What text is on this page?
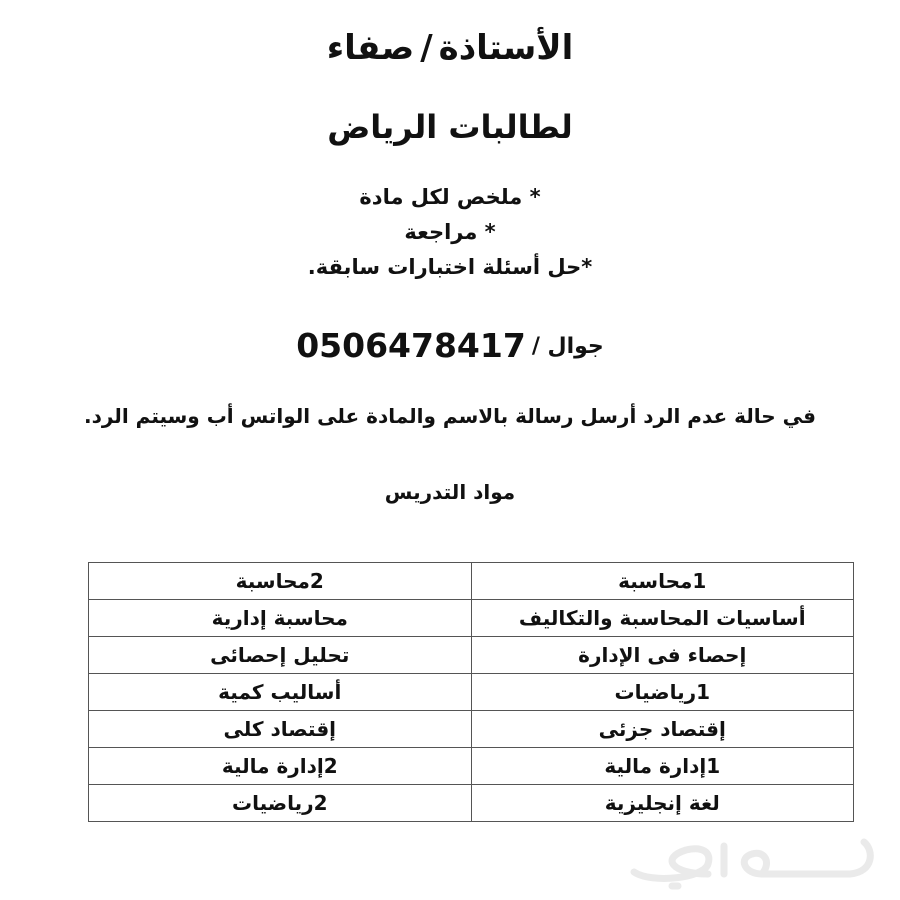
الأستاذة/صفاء
لطالبات الرياض
* ملخص لكل مادة
* مراجعة
*حل أسئلة اختبارات سابقة.
جوال /0506478417
في حالة عدم الرد أرسل رسالة بالاسم والمادة على الواتس أب وسيتم الرد.
مواد التدريس
1محاسبة	2محاسبة
أساسيات المحاسبة والتكاليف	محاسبة إدارية
إحصاء فى الإدارة	تحليل إحصائى
1رياضيات	أساليب كمية
إقتصاد جزئى	إقتصاد كلى
1إدارة مالية	2إدارة مالية
لغة إنجليزية	2رياضيات
